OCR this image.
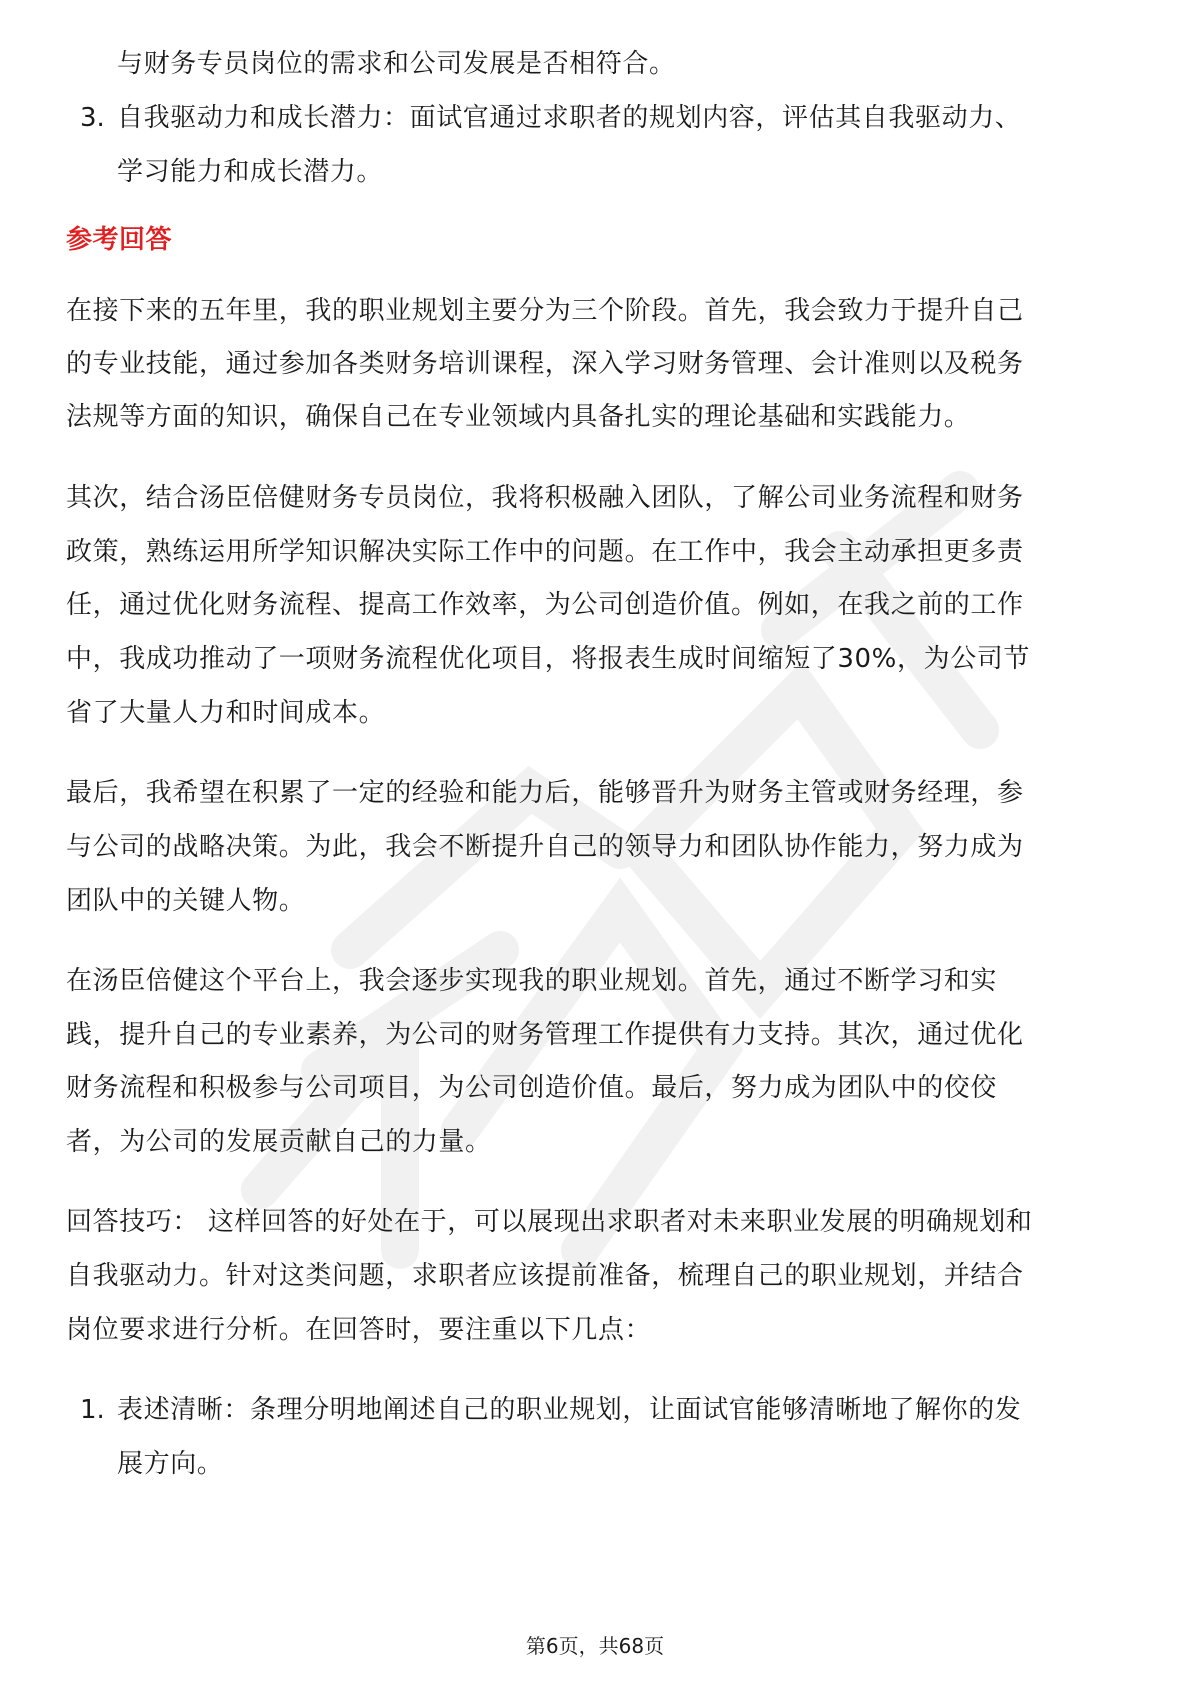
与财务专员岗位的需求和公司发展是否相符合。
3. 自我驱动力和成长潜力：面试官通过求职者的规划内容，评估其自我驱动力、
学习能力和成长潜力。
参考回答
在接下来的五年里，我的职业规划主要分为三个阶段。首先，我会致力于提升自己
的专业技能，通过参加各类财务培训课程，深入学习财务管理、会计准则以及税务
法规等方面的知识，确保自己在专业领域内具备扎实的理论基础和实践能力。
其次，结合汤臣倍健财务专员岗位，我将积极融入团队，了解公司业务流程和财务
政策，熟练运用所学知识解决实际工作中的问题。在工作中，我会主动承担更多责
任，通过优化财务流程、提高工作效率，为公司创造价值。例如，在我之前的工作
中，我成功推动了一项财务流程优化项目，将报表生成时间缩短了30%，为公司节
省了大量人力和时间成本。
最后，我希望在积累了一定的经验和能力后，能够晋升为财务主管或财务经理，参
与公司的战略决策。为此，我会不断提升自己的领导力和团队协作能力，努力成为
团队中的关键人物。
在汤臣倍健这个平台上，我会逐步实现我的职业规划。首先，通过不断学习和实
践，提升自己的专业素养，为公司的财务管理工作提供有力支持。其次，通过优化
财务流程和积极参与公司项目，为公司创造价值。最后，努力成为团队中的佼佼
者，为公司的发展贡献自己的力量。
回答技巧： 这样回答的好处在于，可以展现出求职者对未来职业发展的明确规划和
自我驱动力。针对这类问题，求职者应该提前准备，梳理自己的职业规划，并结合
岗位要求进行分析。在回答时，要注重以下几点：
1. 表述清晰：条理分明地阐述自己的职业规划，让面试官能够清晰地了解你的发
展方向。
第6页，共68页
